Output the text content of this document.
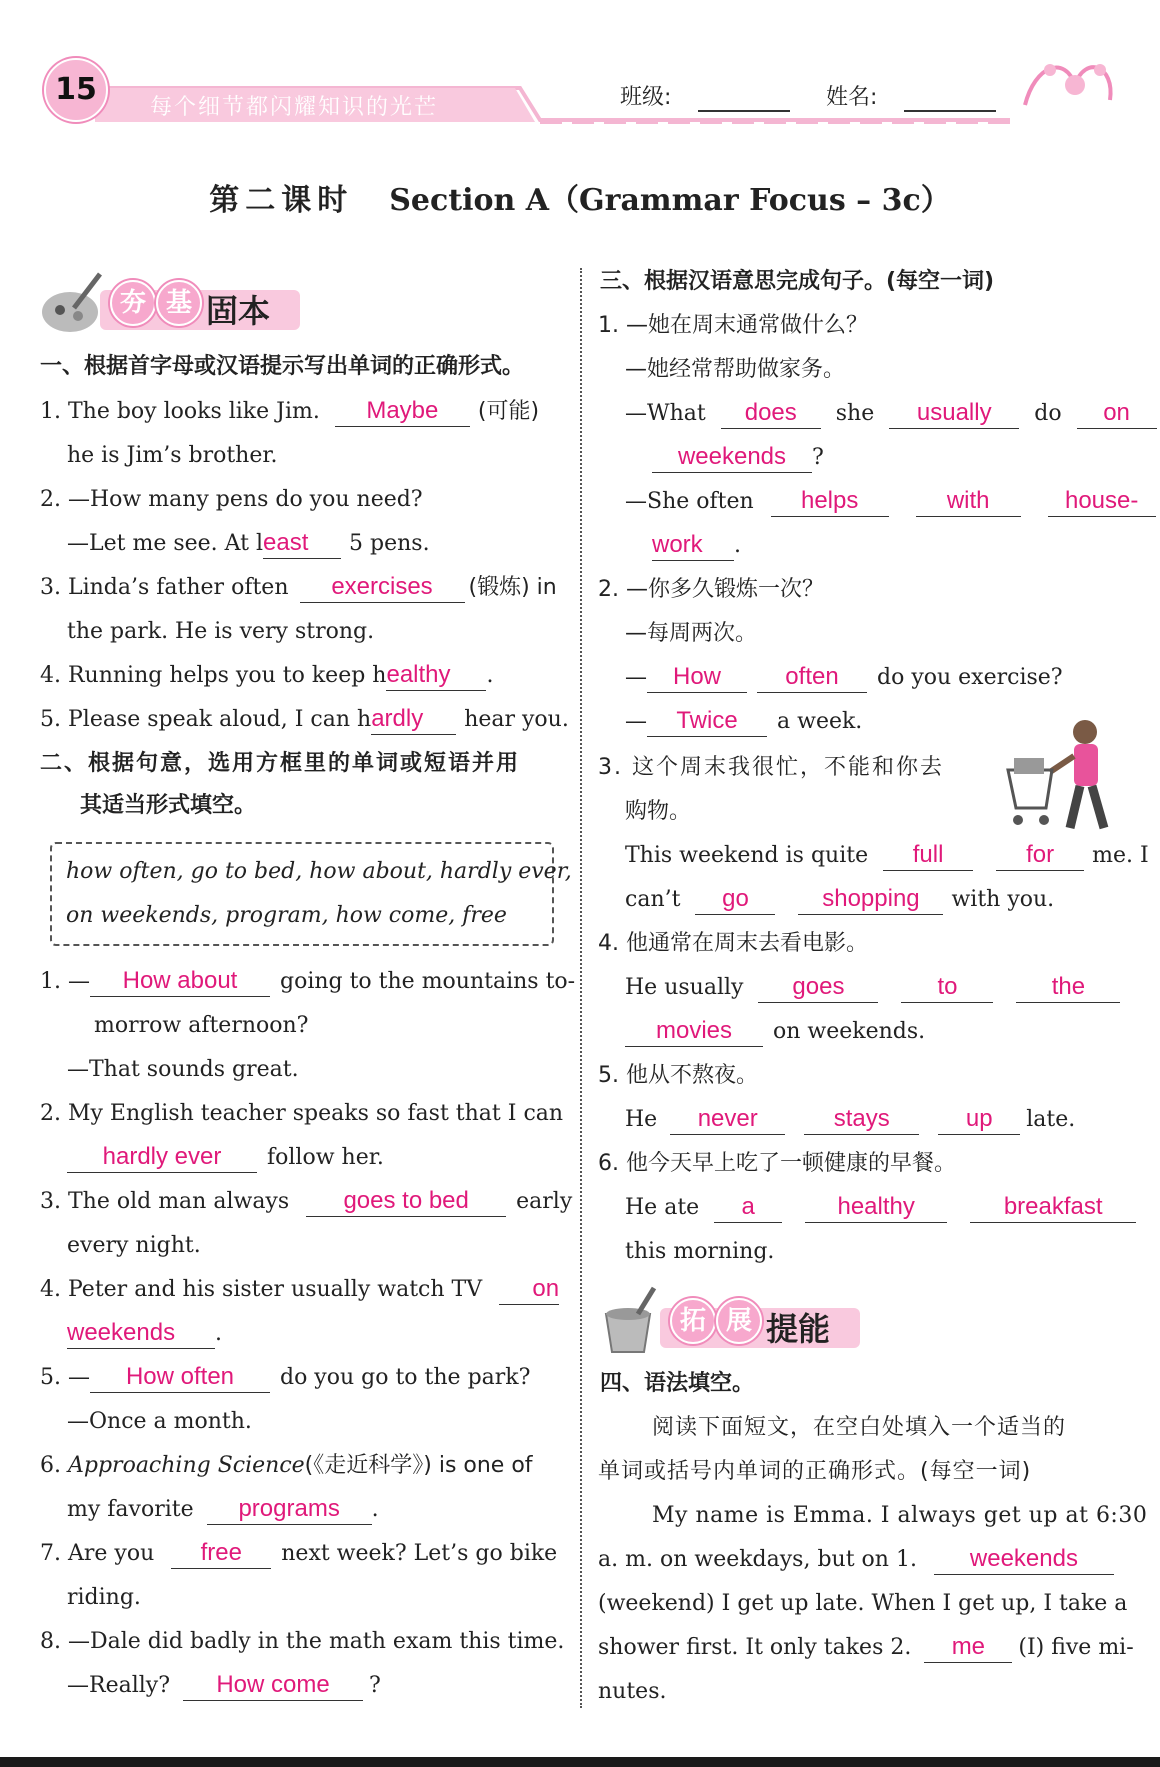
15
每个细节都闪耀知识的光芒	班级:	姓名:
第二课时 Section A（Grammar Focus – 3c）
夯 基 固本
一、根据首字母或汉语提示写出单词的正确形式。
1. The boy looks like Jim. Maybe (可能)
he is Jim’s brother.
2. —How many pens do you need?
—Let me see. At least 5 pens.
3. Linda’s father often exercises (锻炼) in
the park. He is very strong.
4. Running helps you to keep healthy .
5. Please speak aloud, I can hardly hear you.
二、根据句意，选用方框里的单词或短语并用
其适当形式填空。
how often, go to bed, how about, hardly ever,
on weekends, program, how come, free
1. — How about going to the mountains to-
morrow afternoon?
—That sounds great.
2. My English teacher speaks so fast that I can
hardly ever follow her.
3. The old man always goes to bed early
every night.
4. Peter and his sister usually watch TV on
weekends .
5. — How often do you go to the park?
—Once a month.
6. Approaching Science(《走近科学》) is one of
my favorite programs .
7. Are you free next week? Let’s go bike
riding.
8. —Dale did badly in the math exam this time.
—Really? How come ?
三、根据汉语意思完成句子。(每空一词)
1. —她在周末通常做什么？
—她经常帮助做家务。
—What does she usually do on
weekends ?
—She often helps	with	house-
work .
2. —你多久锻炼一次？
—每周两次。
— How	often do you exercise?
— Twice a week.
3. 这个周末我很忙，不能和你去
购物。
This weekend is quite full	for me. I
can’t go	shopping with you.
4. 他通常在周末去看电影。
He usually goes	to	the
movies on weekends.
5. 他从不熬夜。
He never	stays	up late.
6. 他今天早上吃了一顿健康的早餐。
He ate a	healthy	breakfast
this morning.
拓 展 提能
四、语法填空。
阅读下面短文，在空白处填入一个适当的
单词或括号内单词的正确形式。(每空一词)
My name is Emma. I always get up at 6:30
a. m. on weekdays, but on 1. weekends
(weekend) I get up late. When I get up, I take a
shower first. It only takes 2. me (I) five mi-
nutes.
